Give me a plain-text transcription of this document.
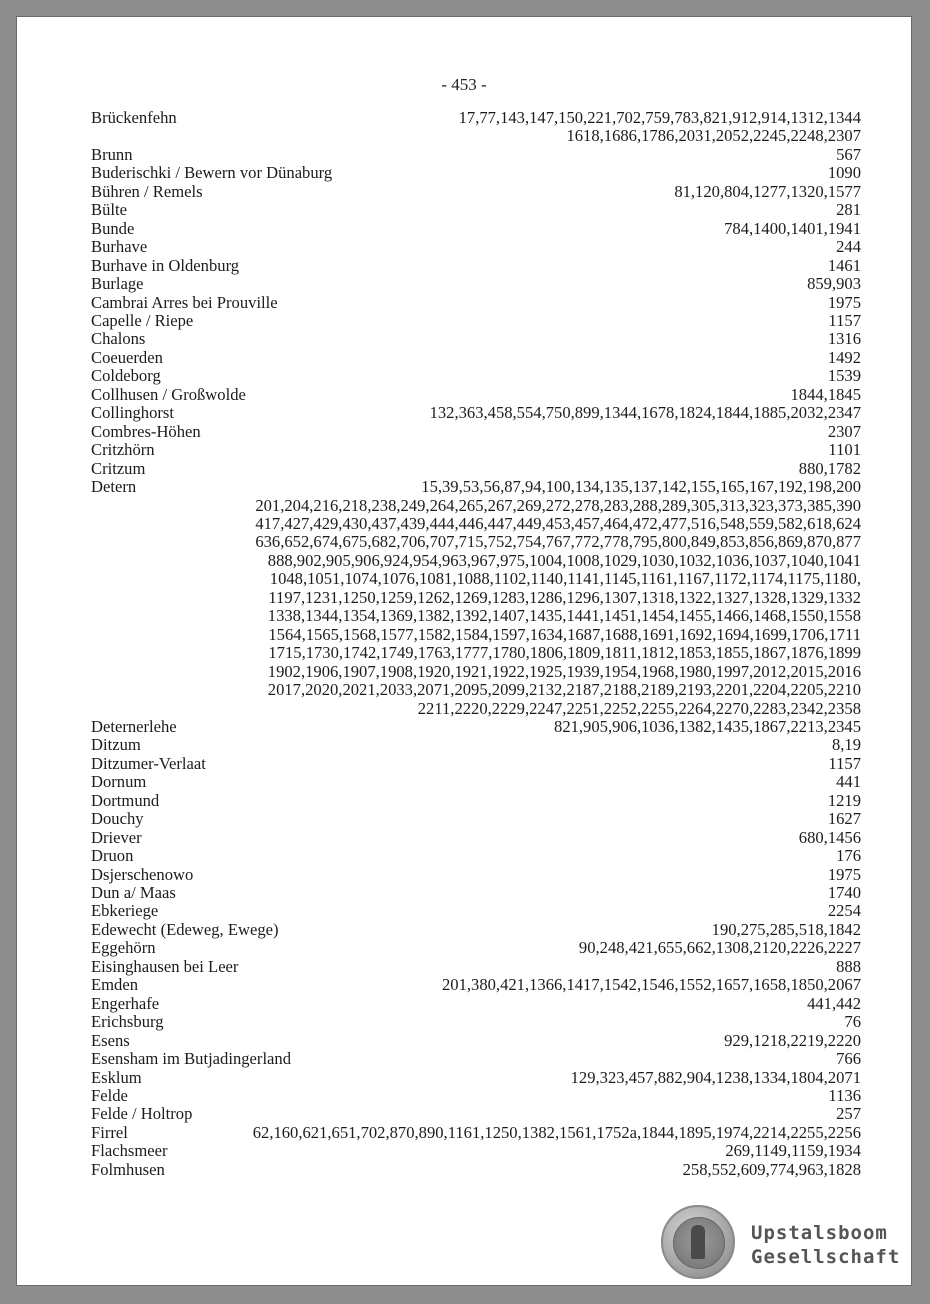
- 453 -
Brückenfehn	17,77,143,147,150,221,702,759,783,821,912,914,1312,1344
1618,1686,1786,2031,2052,2245,2248,2307
Brunn	567
Buderischki / Bewern vor Dünaburg	1090
Bühren / Remels	81,120,804,1277,1320,1577
Bülte	281
Bunde	784,1400,1401,1941
Burhave	244
Burhave in Oldenburg	1461
Burlage	859,903
Cambrai Arres bei Prouville	1975
Capelle / Riepe	1157
Chalons	1316
Coeuerden	1492
Coldeborg	1539
Collhusen / Großwolde	1844,1845
Collinghorst	132,363,458,554,750,899,1344,1678,1824,1844,1885,2032,2347
Combres-Höhen	2307
Critzhörn	1101
Critzum	880,1782
Detern	15,39,53,56,87,94,100,134,135,137,142,155,165,167,192,198,200
201,204,216,218,238,249,264,265,267,269,272,278,283,288,289,305,313,323,373,385,390
417,427,429,430,437,439,444,446,447,449,453,457,464,472,477,516,548,559,582,618,624
636,652,674,675,682,706,707,715,752,754,767,772,778,795,800,849,853,856,869,870,877
888,902,905,906,924,954,963,967,975,1004,1008,1029,1030,1032,1036,1037,1040,1041
1048,1051,1074,1076,1081,1088,1102,1140,1141,1145,1161,1167,1172,1174,1175,1180,
1197,1231,1250,1259,1262,1269,1283,1286,1296,1307,1318,1322,1327,1328,1329,1332
1338,1344,1354,1369,1382,1392,1407,1435,1441,1451,1454,1455,1466,1468,1550,1558
1564,1565,1568,1577,1582,1584,1597,1634,1687,1688,1691,1692,1694,1699,1706,1711
1715,1730,1742,1749,1763,1777,1780,1806,1809,1811,1812,1853,1855,1867,1876,1899
1902,1906,1907,1908,1920,1921,1922,1925,1939,1954,1968,1980,1997,2012,2015,2016
2017,2020,2021,2033,2071,2095,2099,2132,2187,2188,2189,2193,2201,2204,2205,2210
2211,2220,2229,2247,2251,2252,2255,2264,2270,2283,2342,2358
Deternerlehe	821,905,906,1036,1382,1435,1867,2213,2345
Ditzum	8,19
Ditzumer-Verlaat	1157
Dornum	441
Dortmund	1219
Douchy	1627
Driever	680,1456
Druon	176
Dsjerschenowo	1975
Dun a/ Maas	1740
Ebkeriege	2254
Edewecht (Edeweg, Ewege)	190,275,285,518,1842
Eggehörn	90,248,421,655,662,1308,2120,2226,2227
Eisinghausen bei Leer	888
Emden	201,380,421,1366,1417,1542,1546,1552,1657,1658,1850,2067
Engerhafe	441,442
Erichsburg	76
Esens	929,1218,2219,2220
Esensham im Butjadingerland	766
Esklum	129,323,457,882,904,1238,1334,1804,2071
Felde	1136
Felde / Holtrop	257
Firrel	62,160,621,651,702,870,890,1161,1250,1382,1561,1752a,1844,1895,1974,2214,2255,2256
Flachsmeer	269,1149,1159,1934
Folmhusen	258,552,609,774,963,1828
Upstalsboom
Gesellschaft
